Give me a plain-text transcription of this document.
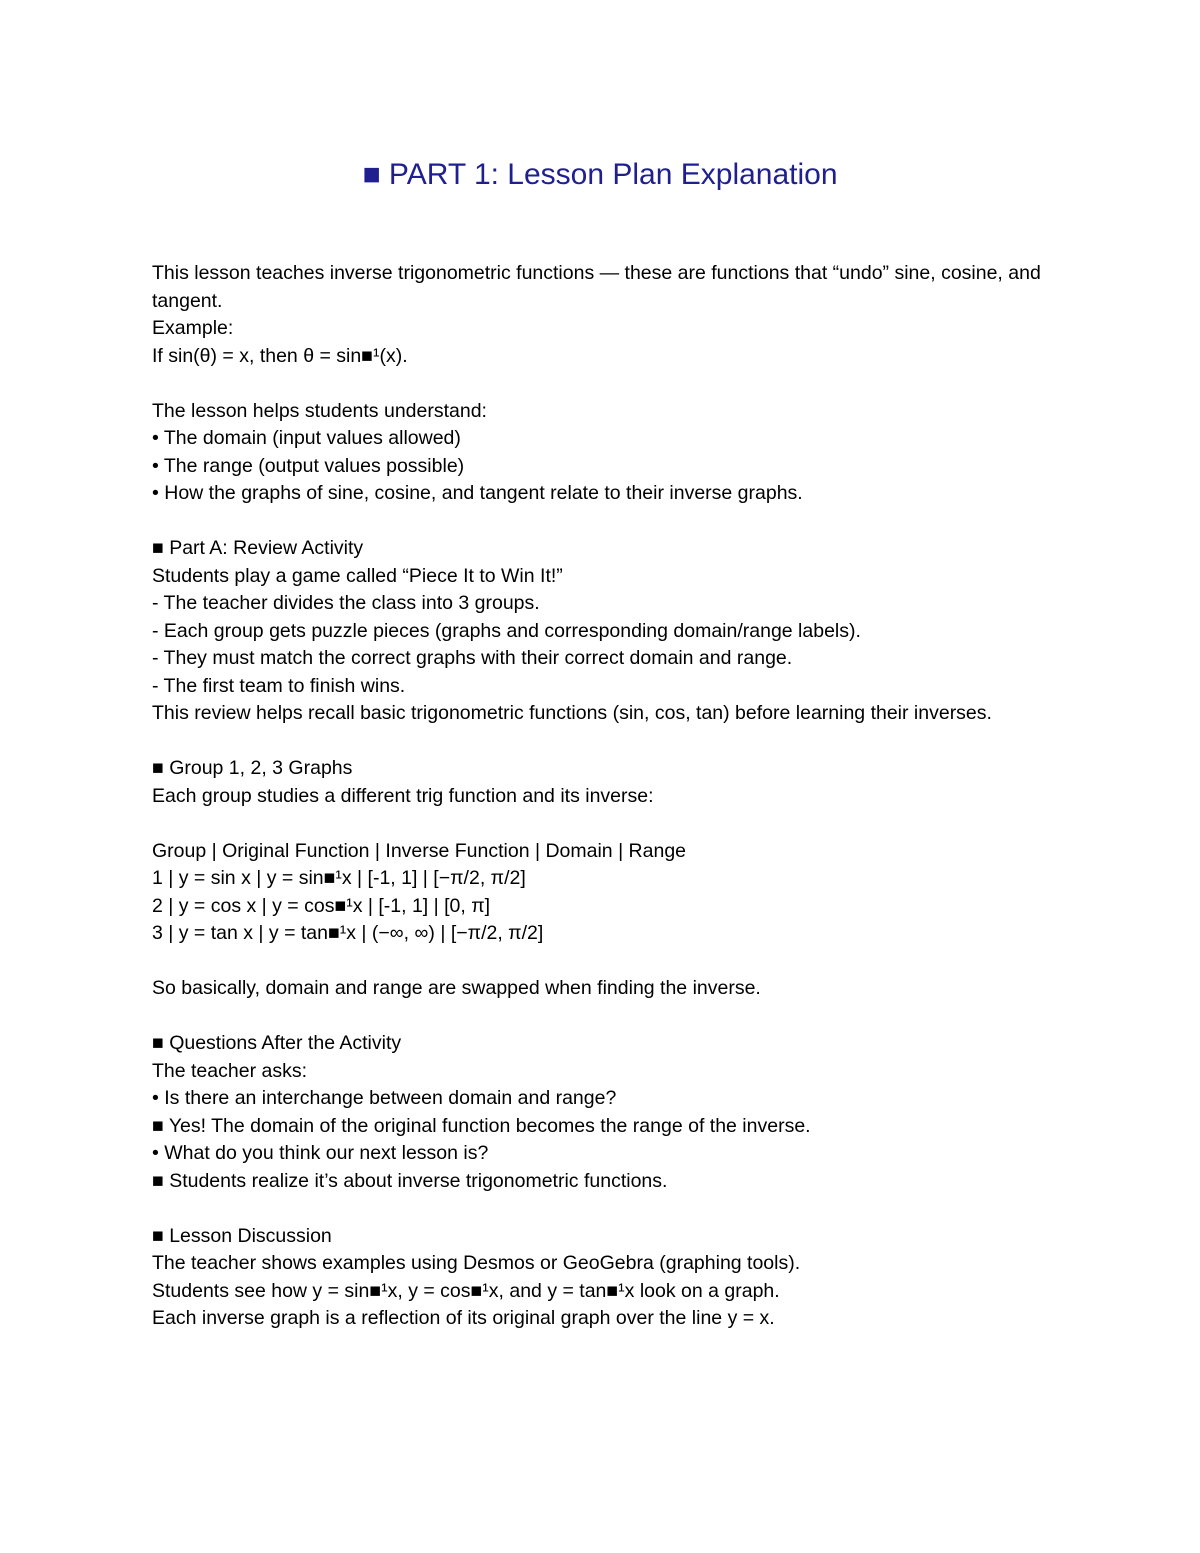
■ PART 1: Lesson Plan Explanation
This lesson teaches inverse trigonometric functions — these are functions that “undo” sine, cosine, and tangent.
Example:
If sin(θ) = x, then θ = sin■¹(x).
The lesson helps students understand:
• The domain (input values allowed)
• The range (output values possible)
• How the graphs of sine, cosine, and tangent relate to their inverse graphs.
■ Part A: Review Activity
Students play a game called “Piece It to Win It!”
- The teacher divides the class into 3 groups.
- Each group gets puzzle pieces (graphs and corresponding domain/range labels).
- They must match the correct graphs with their correct domain and range.
- The first team to finish wins.
This review helps recall basic trigonometric functions (sin, cos, tan) before learning their inverses.
■ Group 1, 2, 3 Graphs
Each group studies a different trig function and its inverse:
Group | Original Function | Inverse Function | Domain | Range
1 | y = sin x | y = sin■¹x | [-1, 1] | [−π/2, π/2]
2 | y = cos x | y = cos■¹x | [-1, 1] | [0, π]
3 | y = tan x | y = tan■¹x | (−∞, ∞) | [−π/2, π/2]
So basically, domain and range are swapped when finding the inverse.
■ Questions After the Activity
The teacher asks:
• Is there an interchange between domain and range?
■ Yes! The domain of the original function becomes the range of the inverse.
• What do you think our next lesson is?
■ Students realize it’s about inverse trigonometric functions.
■ Lesson Discussion
The teacher shows examples using Desmos or GeoGebra (graphing tools).
Students see how y = sin■¹x, y = cos■¹x, and y = tan■¹x look on a graph.
Each inverse graph is a reflection of its original graph over the line y = x.
